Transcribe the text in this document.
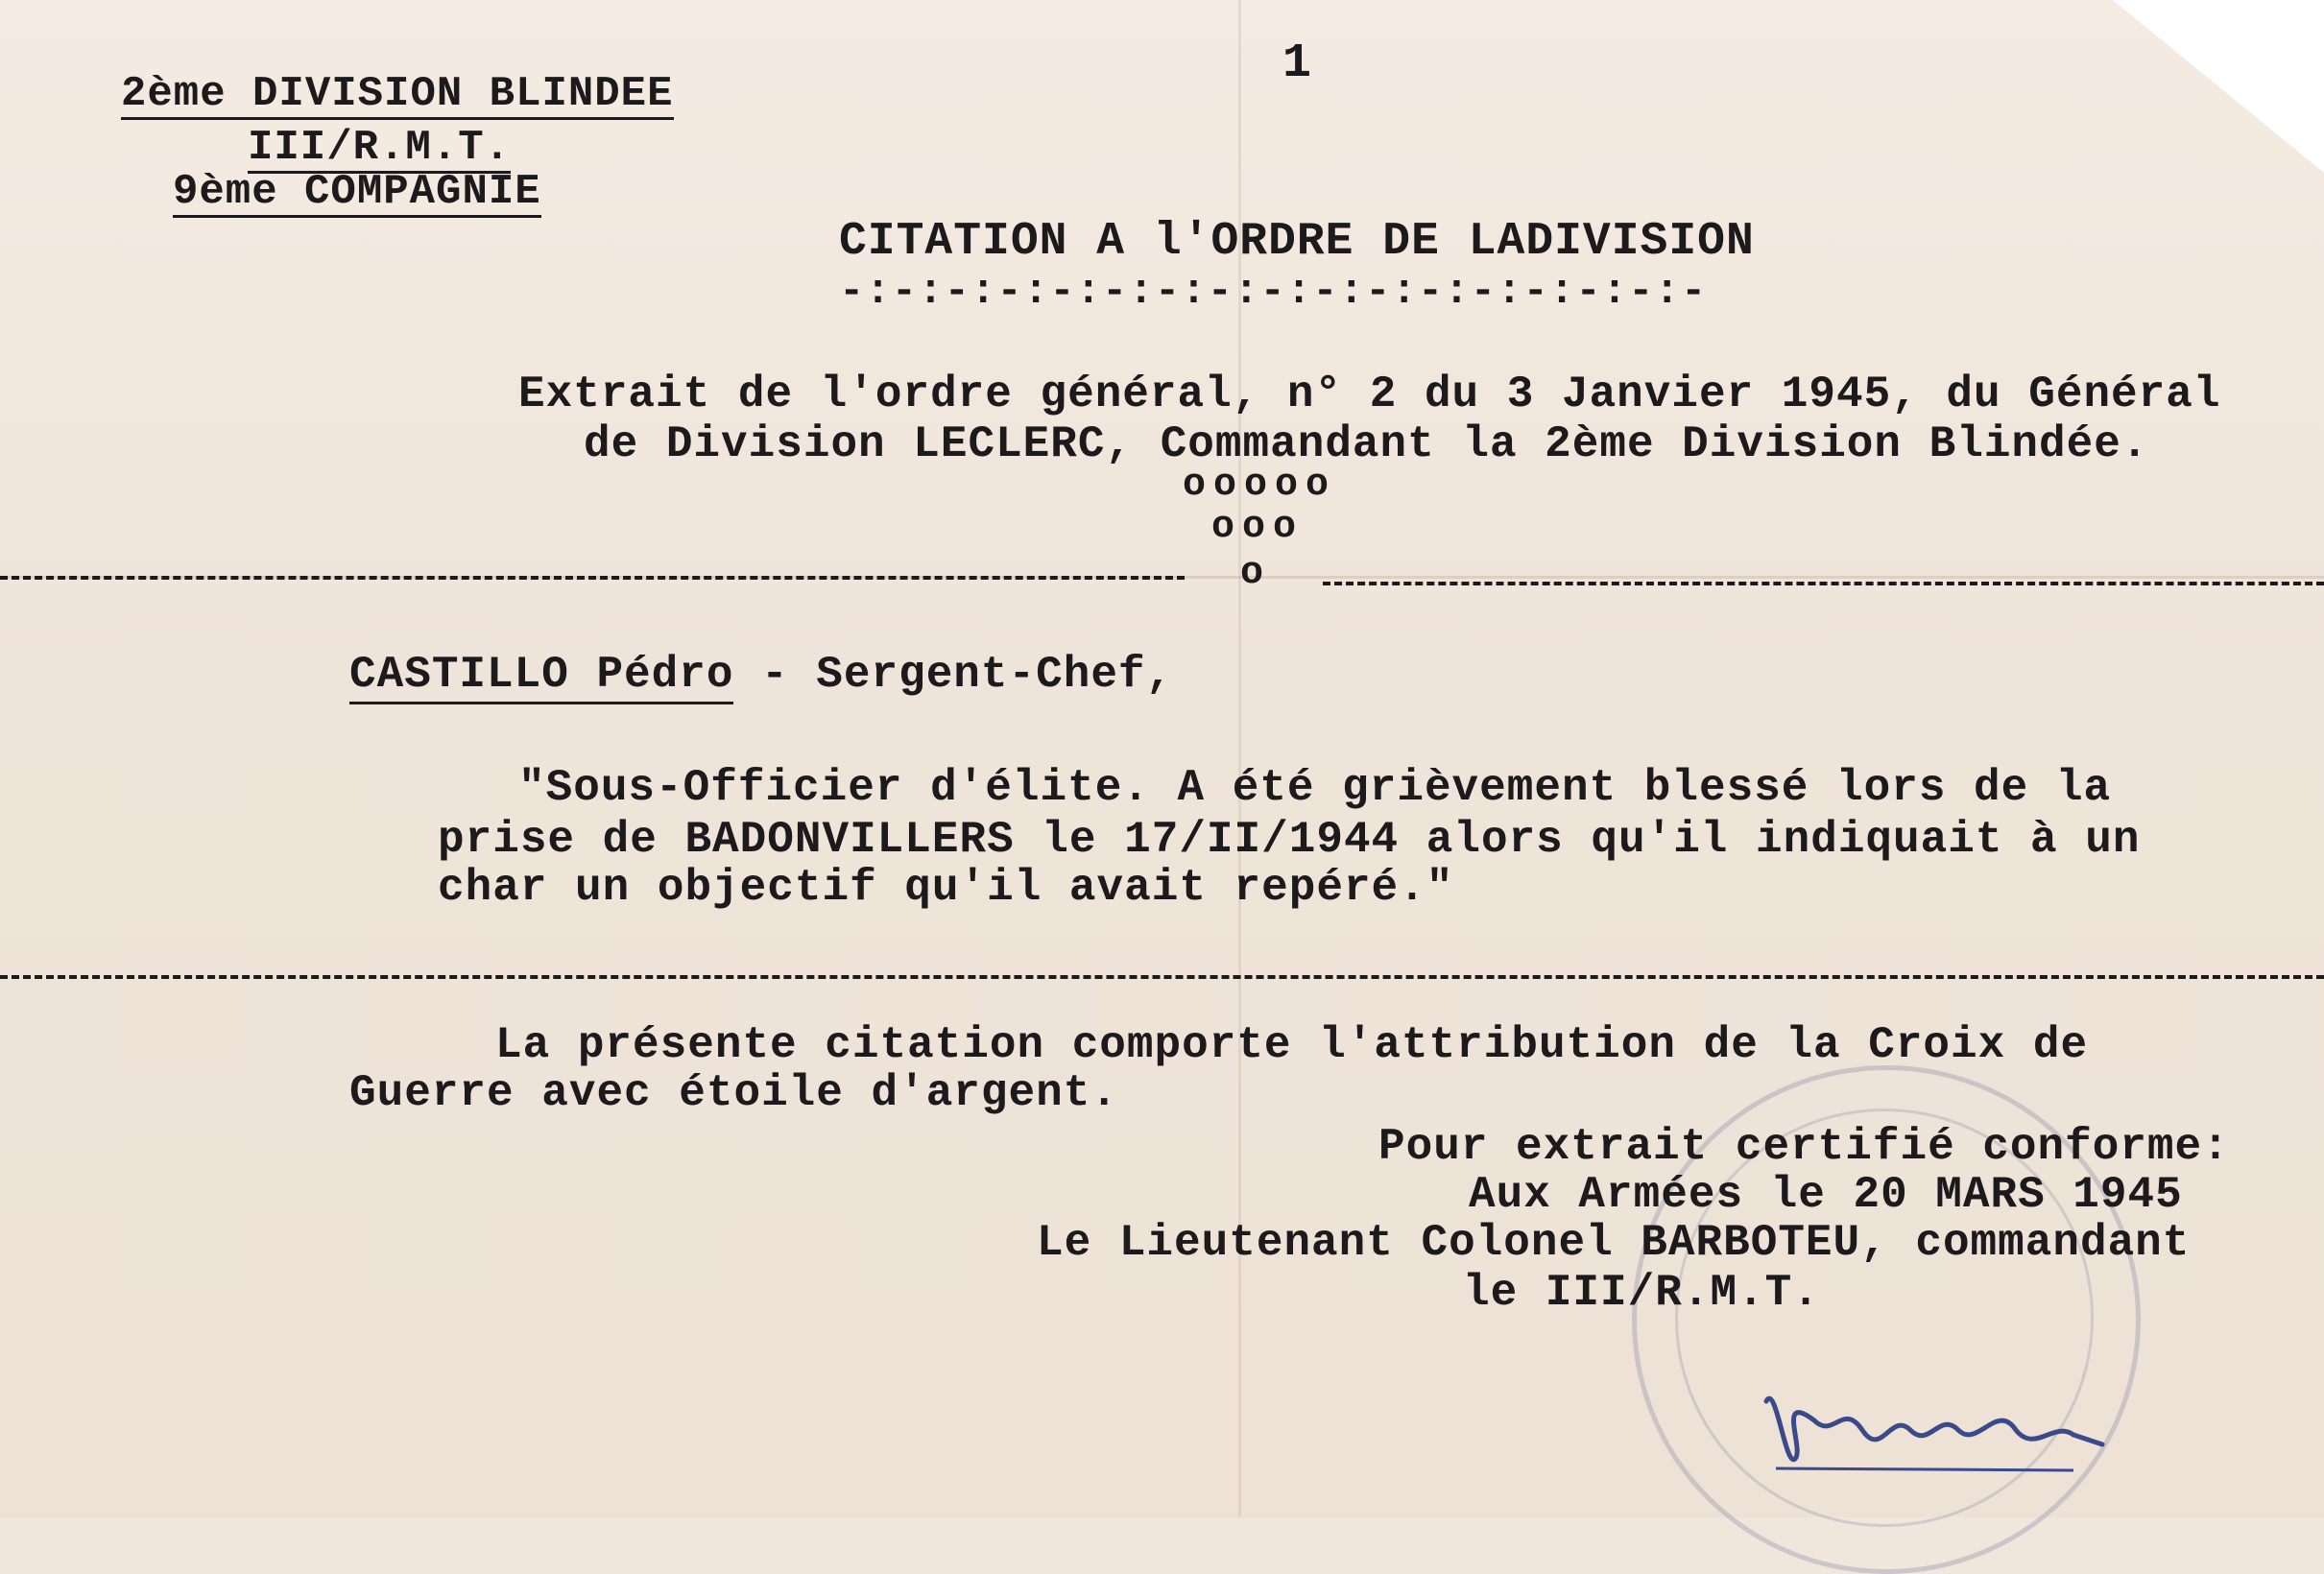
2ème DIVISION BLINDEE
III/R.M.T.
9ème COMPAGNIE
1
CITATION A l'ORDRE DE LADIVISION
-:-:-:-:-:-:-:-:-:-:-:-:-:-:-:-:-
Extrait de l'ordre général, n° 2 du 3 Janvier 1945, du Général
de Division LECLERC, Commandant la 2ème Division Blindée.
ooooo
ooo
o
CASTILLO Pédro - Sergent-Chef,
"Sous-Officier d'élite. A été grièvement blessé lors de la
prise de BADONVILLERS le 17/II/1944 alors qu'il indiquait à un
char un objectif qu'il avait repéré."
La présente citation comporte l'attribution de la Croix de
Guerre avec étoile d'argent.
Pour extrait certifié conforme:
Aux Armées le 20 MARS 1945
Le Lieutenant Colonel BARBOTEU, commandant
le III/R.M.T.
